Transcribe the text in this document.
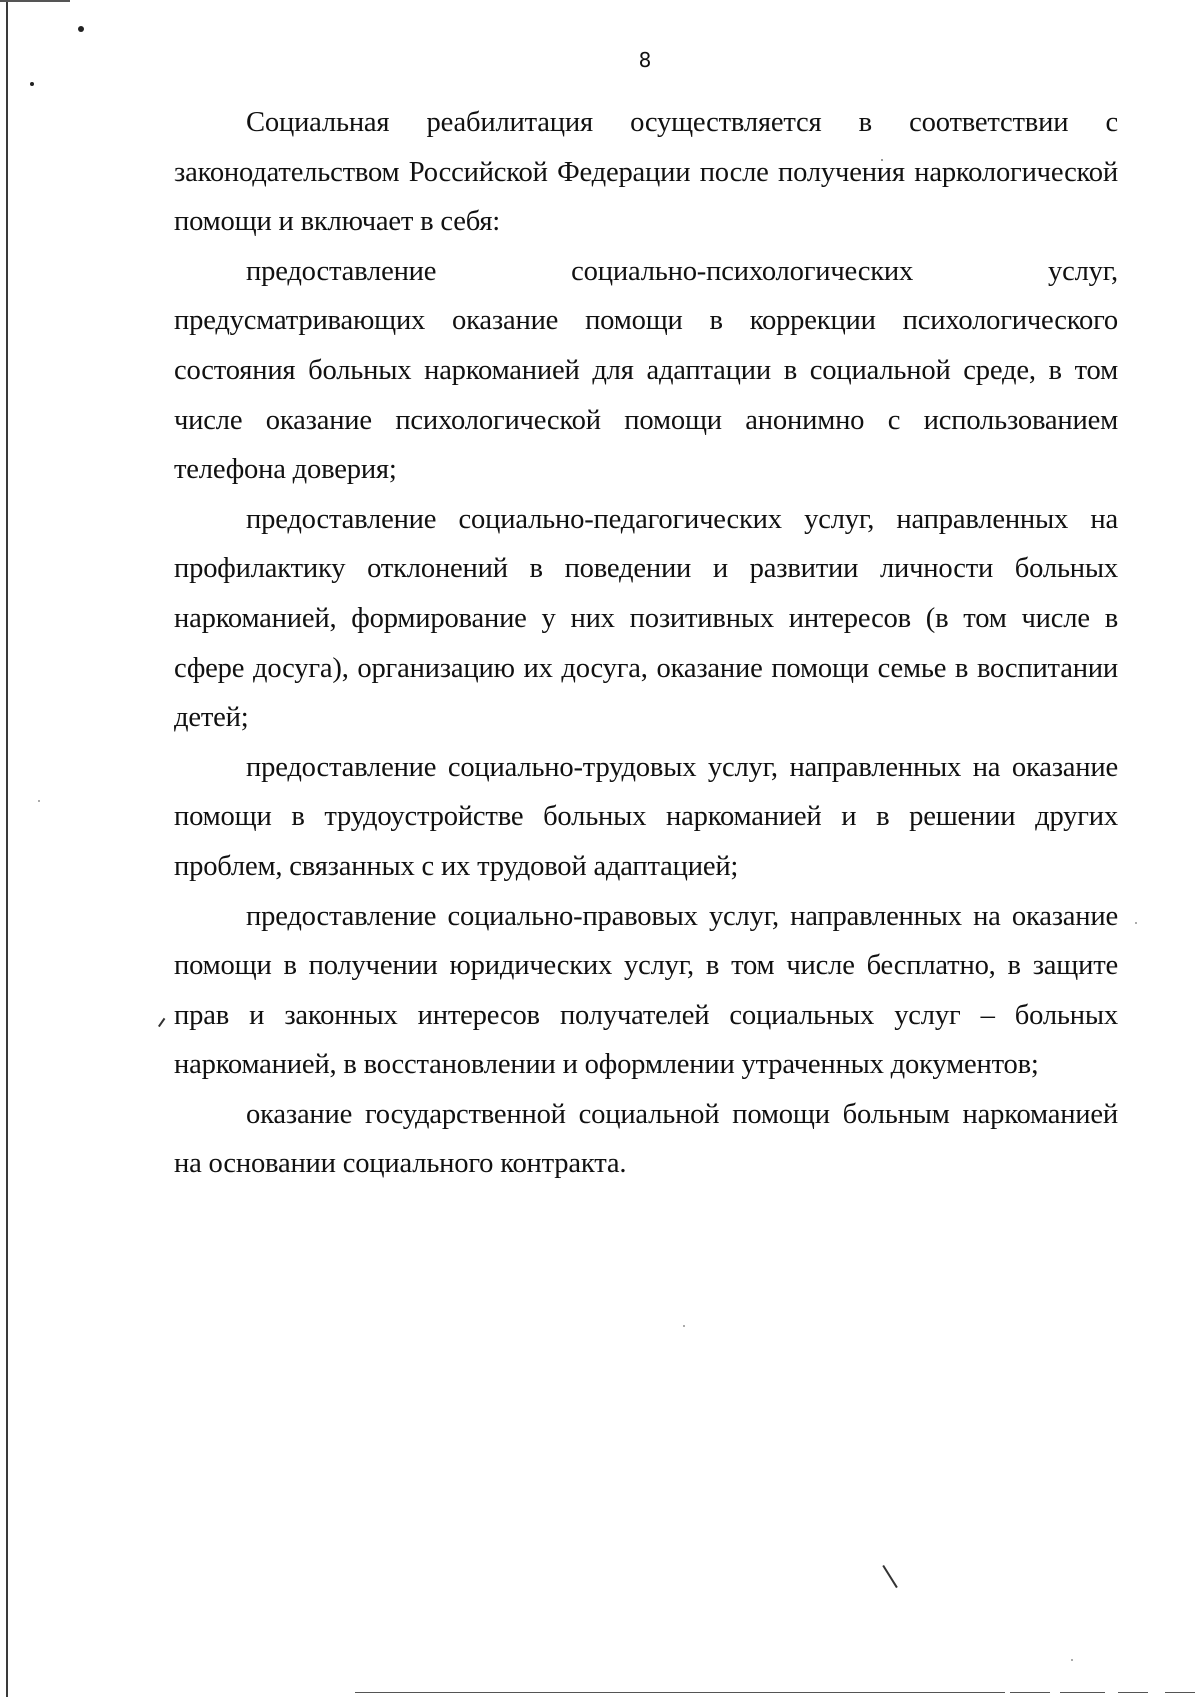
8

Социальная реабилитация осуществляется в соответствии с законодательством Российской Федерации после получения наркологической помощи и включает в себя:

предоставление социально-психологических услуг, предусматривающих оказание помощи в коррекции психологического состояния больных наркоманией для адаптации в социальной среде, в том числе оказание психологической помощи анонимно с использованием телефона доверия;

предоставление социально-педагогических услуг, направленных на профилактику отклонений в поведении и развитии личности больных наркоманией, формирование у них позитивных интересов (в том числе в сфере досуга), организацию их досуга, оказание помощи семье в воспитании детей;

предоставление социально-трудовых услуг, направленных на оказание помощи в трудоустройстве больных наркоманией и в решении других проблем, связанных с их трудовой адаптацией;

предоставление социально-правовых услуг, направленных на оказание помощи в получении юридических услуг, в том числе бесплатно, в защите прав и законных интересов получателей социальных услуг – больных наркоманией, в восстановлении и оформлении утраченных документов;

оказание государственной социальной помощи больным наркоманией на основании социального контракта.
